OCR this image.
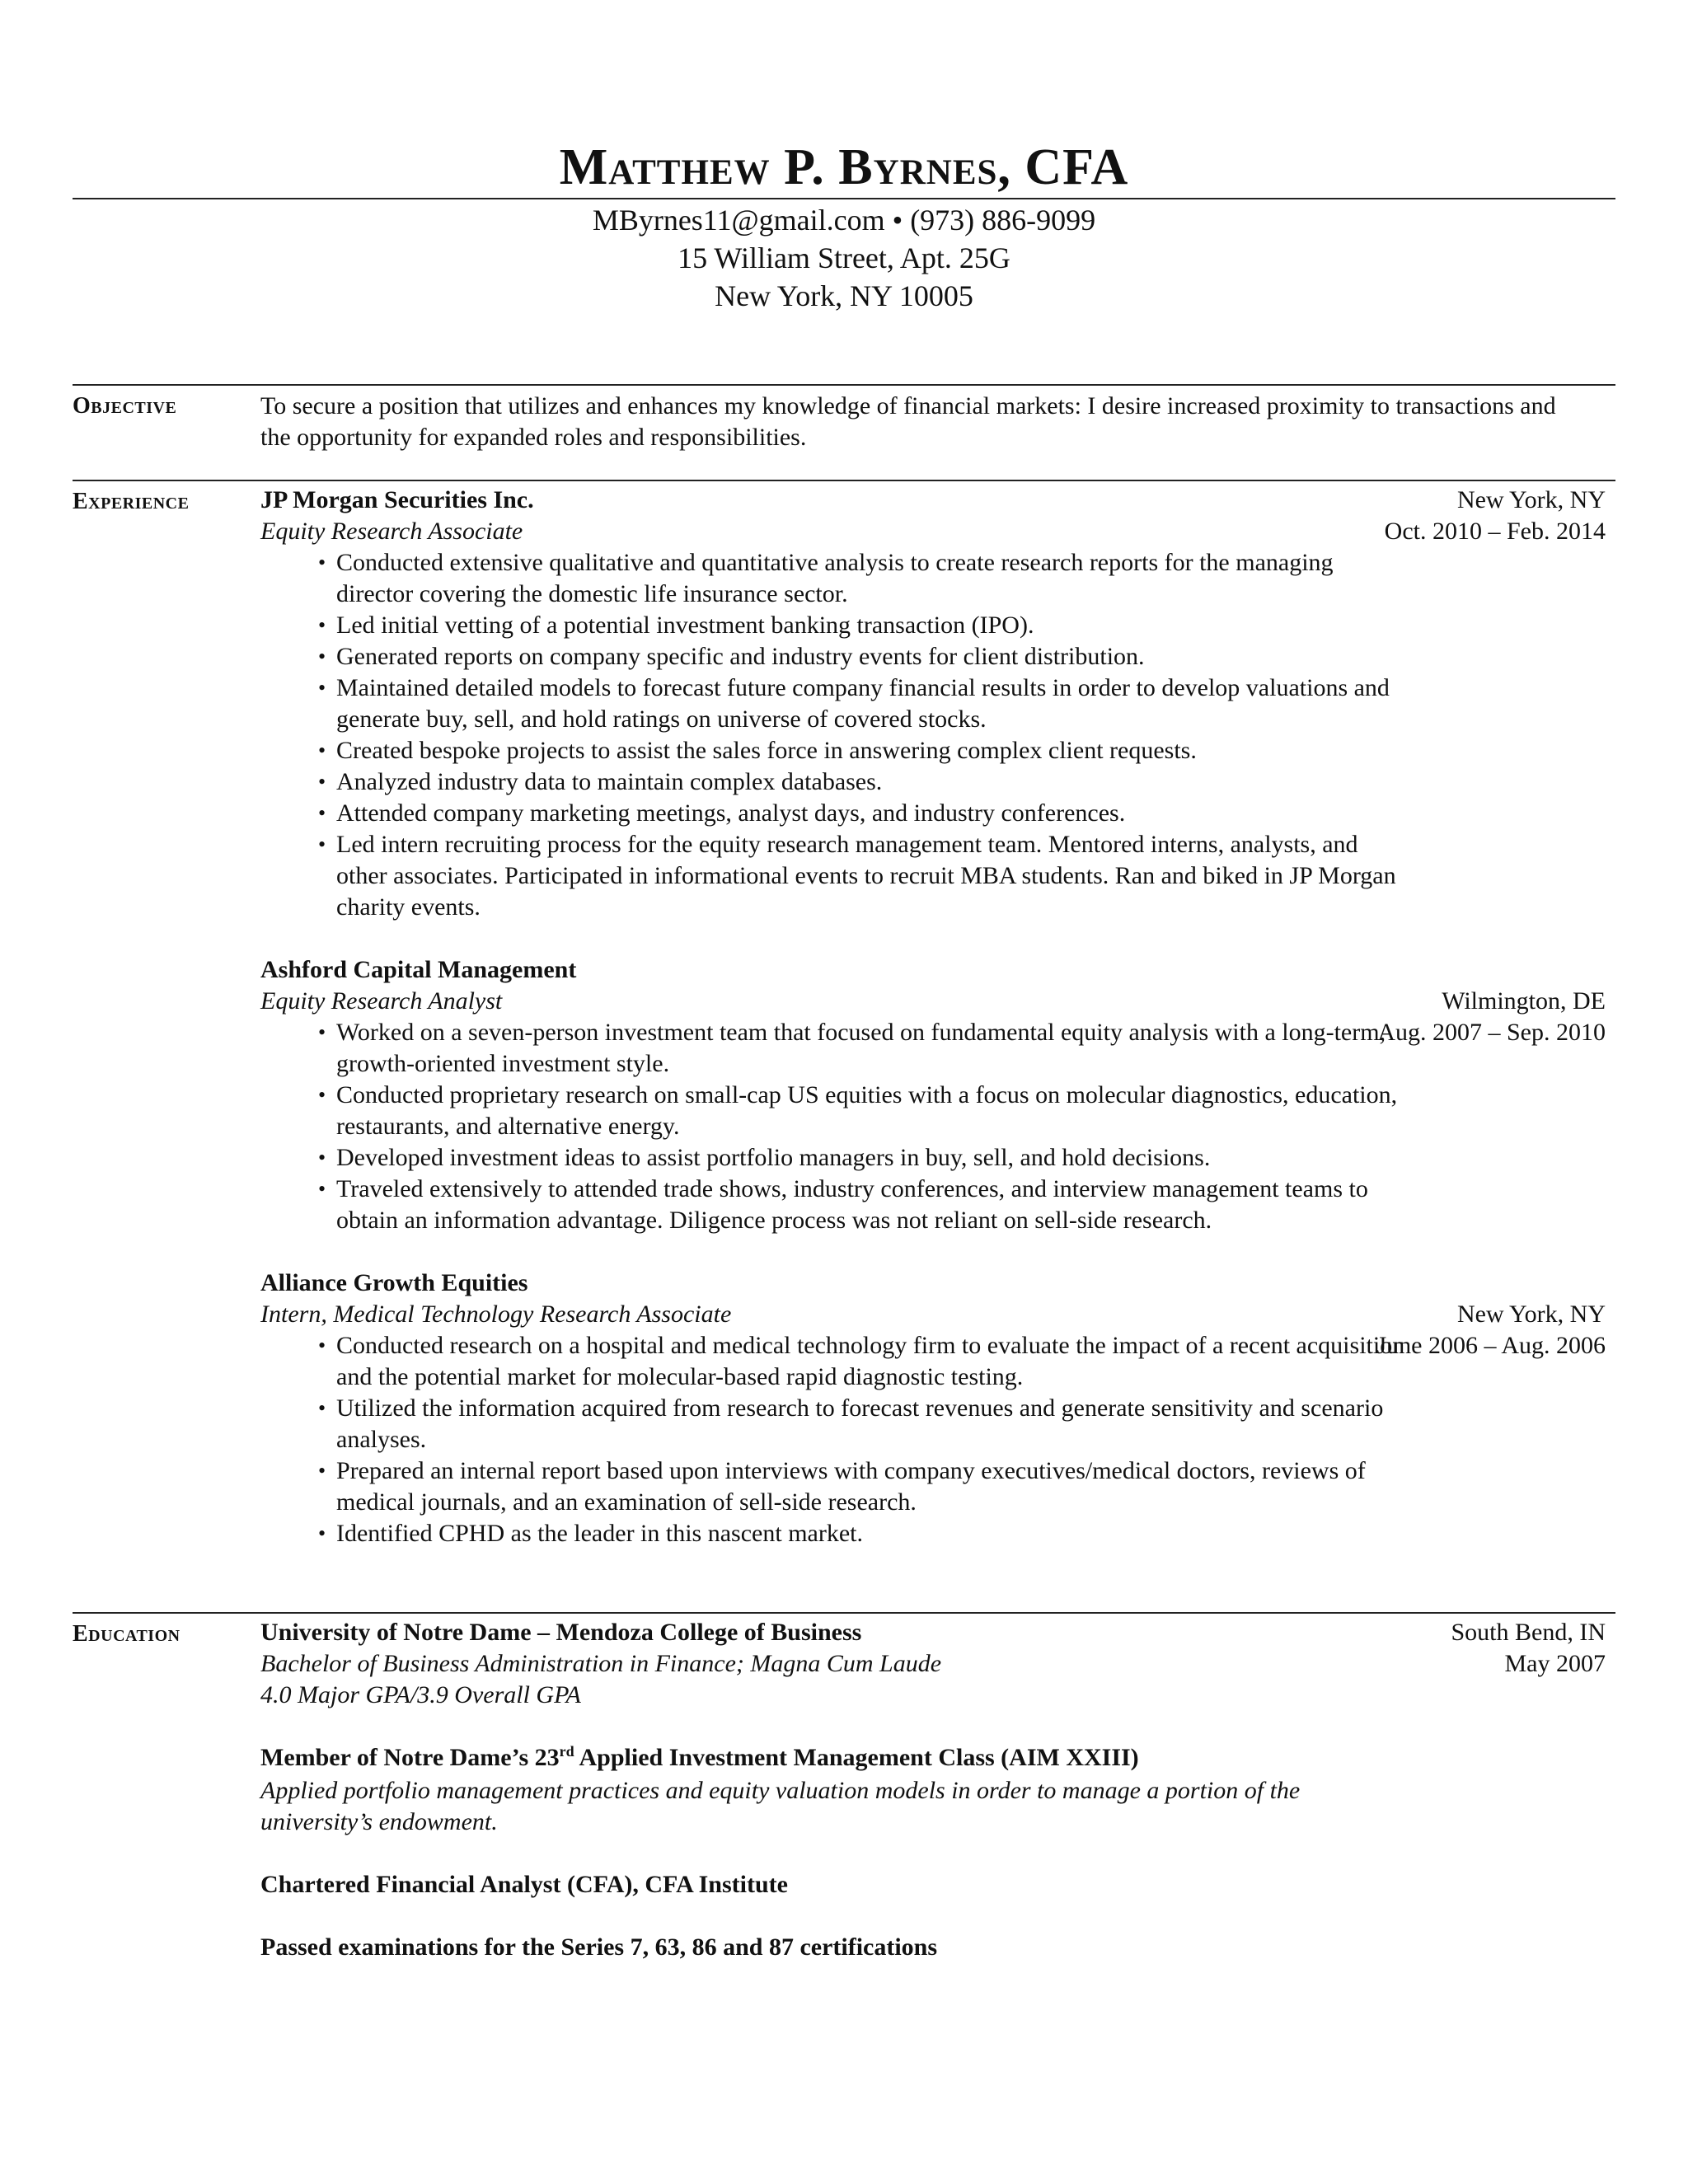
Matthew P. Byrnes, CFA
MByrnes11@gmail.com • (973) 886-9099
15 William Street, Apt. 25G
New York, NY 10005
Objective	To secure a position that utilizes and enhances my knowledge of financial markets: I desire increased proximity to transactions and the opportunity for expanded roles and responsibilities.
Experience	JP Morgan Securities Inc.	New York, NY
Equity Research Associate	Oct. 2010 – Feb. 2014
• Conducted extensive qualitative and quantitative analysis to create research reports for the managing director covering the domestic life insurance sector.
• Led initial vetting of a potential investment banking transaction (IPO).
• Generated reports on company specific and industry events for client distribution.
• Maintained detailed models to forecast future company financial results in order to develop valuations and generate buy, sell, and hold ratings on universe of covered stocks.
• Created bespoke projects to assist the sales force in answering complex client requests.
• Analyzed industry data to maintain complex databases.
• Attended company marketing meetings, analyst days, and industry conferences.
• Led intern recruiting process for the equity research management team. Mentored interns, analysts, and other associates. Participated in informational events to recruit MBA students. Ran and biked in JP Morgan charity events.
Ashford Capital Management
Equity Research Analyst	Wilmington, DE
Aug. 2007 – Sep. 2010
• Worked on a seven-person investment team that focused on fundamental equity analysis with a long-term, growth-oriented investment style.
• Conducted proprietary research on small-cap US equities with a focus on molecular diagnostics, education, restaurants, and alternative energy.
• Developed investment ideas to assist portfolio managers in buy, sell, and hold decisions.
• Traveled extensively to attended trade shows, industry conferences, and interview management teams to obtain an information advantage. Diligence process was not reliant on sell-side research.
Alliance Growth Equities
Intern, Medical Technology Research Associate	New York, NY
June 2006 – Aug. 2006
• Conducted research on a hospital and medical technology firm to evaluate the impact of a recent acquisition and the potential market for molecular-based rapid diagnostic testing.
• Utilized the information acquired from research to forecast revenues and generate sensitivity and scenario analyses.
• Prepared an internal report based upon interviews with company executives/medical doctors, reviews of medical journals, and an examination of sell-side research.
• Identified CPHD as the leader in this nascent market.
Education	University of Notre Dame – Mendoza College of Business	South Bend, IN
Bachelor of Business Administration in Finance; Magna Cum Laude	May 2007
4.0 Major GPA/3.9 Overall GPA
Member of Notre Dame’s 23rd Applied Investment Management Class (AIM XXIII)
Applied portfolio management practices and equity valuation models in order to manage a portion of the university’s endowment.
Chartered Financial Analyst (CFA), CFA Institute
Passed examinations for the Series 7, 63, 86 and 87 certifications
